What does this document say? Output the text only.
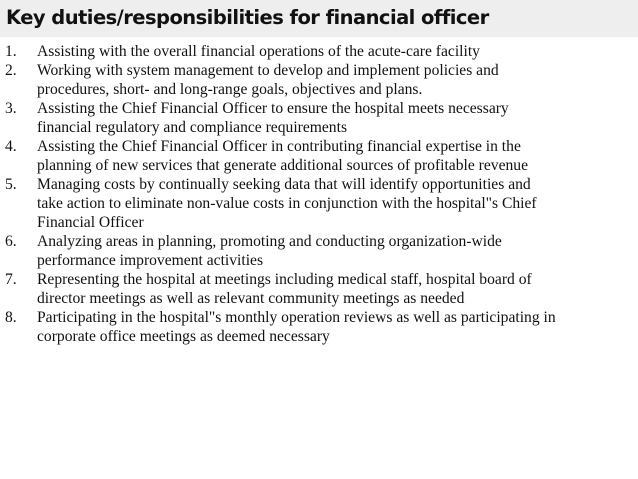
Key duties/responsibilities for financial officer
1. Assisting with the overall financial operations of the acute-care facility
2. Working with system management to develop and implement policies and
procedures, short- and long-range goals, objectives and plans.
3. Assisting the Chief Financial Officer to ensure the hospital meets necessary
financial regulatory and compliance requirements
4. Assisting the Chief Financial Officer in contributing financial expertise in the
planning of new services that generate additional sources of profitable revenue
5. Managing costs by continually seeking data that will identify opportunities and
take action to eliminate non-value costs in conjunction with the hospital"s Chief
Financial Officer
6. Analyzing areas in planning, promoting and conducting organization-wide
performance improvement activities
7. Representing the hospital at meetings including medical staff, hospital board of
director meetings as well as relevant community meetings as needed
8. Participating in the hospital"s monthly operation reviews as well as participating in
corporate office meetings as deemed necessary
